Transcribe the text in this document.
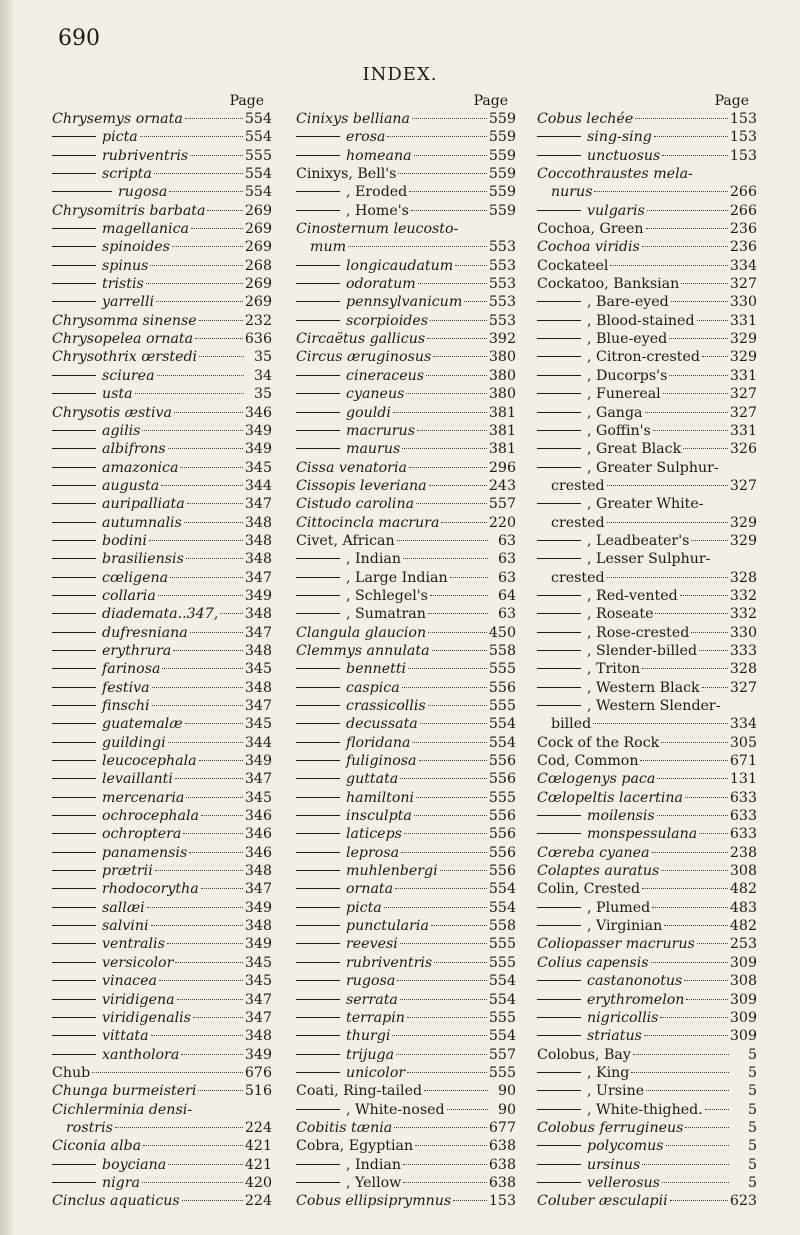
690
INDEX.
Page
Chrysemys ornata	554
picta	554
rubriventris	555
scripta	554
rugosa	554
Chrysomitris barbata	269
magellanica	269
spinoides	269
spinus	268
tristis	269
yarrelli	269
Chrysomma sinense	232
Chrysopelea ornata	636
Chrysothrix œrstedi	35
sciurea	34
usta	35
Chrysotis æstiva	346
agilis	349
albifrons	349
amazonica	345
augusta	344
auripalliata	347
autumnalis	348
bodini	348
brasiliensis	348
cœligena	347
collaria	349
diademata..347, 348
dufresniana	347
erythrura	348
farinosa	345
festiva	348
finschi	347
guatemalæ	345
guildingi	344
leucocephala	349
levaillanti	347
mercenaria	345
ochrocephala	346
ochroptera	346
panamensis	346
prætrii	348
rhodocorytha	347
sallæi	349
salvini	348
ventralis	349
versicolor	345
vinacea	345
viridigena	347
viridigenalis	347
vittata	348
xantholora	349
Chub	676
Chunga burmeisteri	516
Cichlerminia densi-
rostris	224
Ciconia alba	421
boyciana	421
nigra	420
Cinclus aquaticus	224
Page
Cinixys belliana	559
erosa	559
homeana	559
Cinixys, Bell's	559
, Eroded	559
, Home's	559
Cinosternum leucosto-
mum	553
longicaudatum	553
odoratum	553
pennsylvanicum 553
scorpioides	553
Circaëtus gallicus	392
Circus æruginosus	380
cineraceus	380
cyaneus	380
gouldi	381
macrurus	381
maurus	381
Cissa venatoria	296
Cissopis leveriana	243
Cistudo carolina	557
Cittocincla macrura	220
Civet, African	63
, Indian	63
, Large Indian	63
, Schlegel's	64
, Sumatran	63
Clangula glaucion	450
Clemmys annulata	558
bennetti	555
caspica	556
crassicollis	555
decussata	554
floridana	554
fuliginosa	556
guttata	556
hamiltoni	555
insculpta	556
laticeps	556
leprosa	556
muhlenbergi	556
ornata	554
picta	554
punctularia	558
reevesi	555
rubriventris	555
rugosa	554
serrata	554
terrapin	555
thurgi	554
trijuga	557
unicolor	555
Coati, Ring-tailed	90
, White-nosed	90
Cobitis tænia	677
Cobra, Egyptian	638
, Indian	638
, Yellow	638
Cobus ellipsiprymnus	153
Page
Cobus lechée	153
sing-sing	153
unctuosus	153
Coccothraustes mela-
nurus	266
vulgaris	266
Cochoa, Green	236
Cochoa viridis	236
Cockateel	334
Cockatoo, Banksian	327
, Bare-eyed	330
, Blood-stained 331
, Blue-eyed	329
, Citron-crested 329
, Ducorps's	331
, Funereal	327
, Ganga	327
, Goffin's	331
, Great Black	326
, Greater Sulphur-
crested	327
, Greater White-
crested	329
, Leadbeater's	329
, Lesser Sulphur-
crested	328
, Red-vented	332
, Roseate	332
, Rose-crested	330
, Slender-billed 333
, Triton	328
, Western Black 327
, Western Slender-
billed	334
Cock of the Rock	305
Cod, Common	671
Cœlogenys paca	131
Cœlopeltis lacertina	633
moilensis	633
monspessulana 633
Cœreba cyanea	238
Colaptes auratus	308
Colin, Crested	482
, Plumed	483
, Virginian	482
Coliopasser macrurus 253
Colius capensis	309
castanonotus	308
erythromelon	309
nigricollis	309
striatus	309
Colobus, Bay	5
, King	5
, Ursine	5
, White-thighed.	5
Colobus ferrugineus	5
polycomus	5
ursinus	5
vellerosus	5
Coluber æsculapii	623
